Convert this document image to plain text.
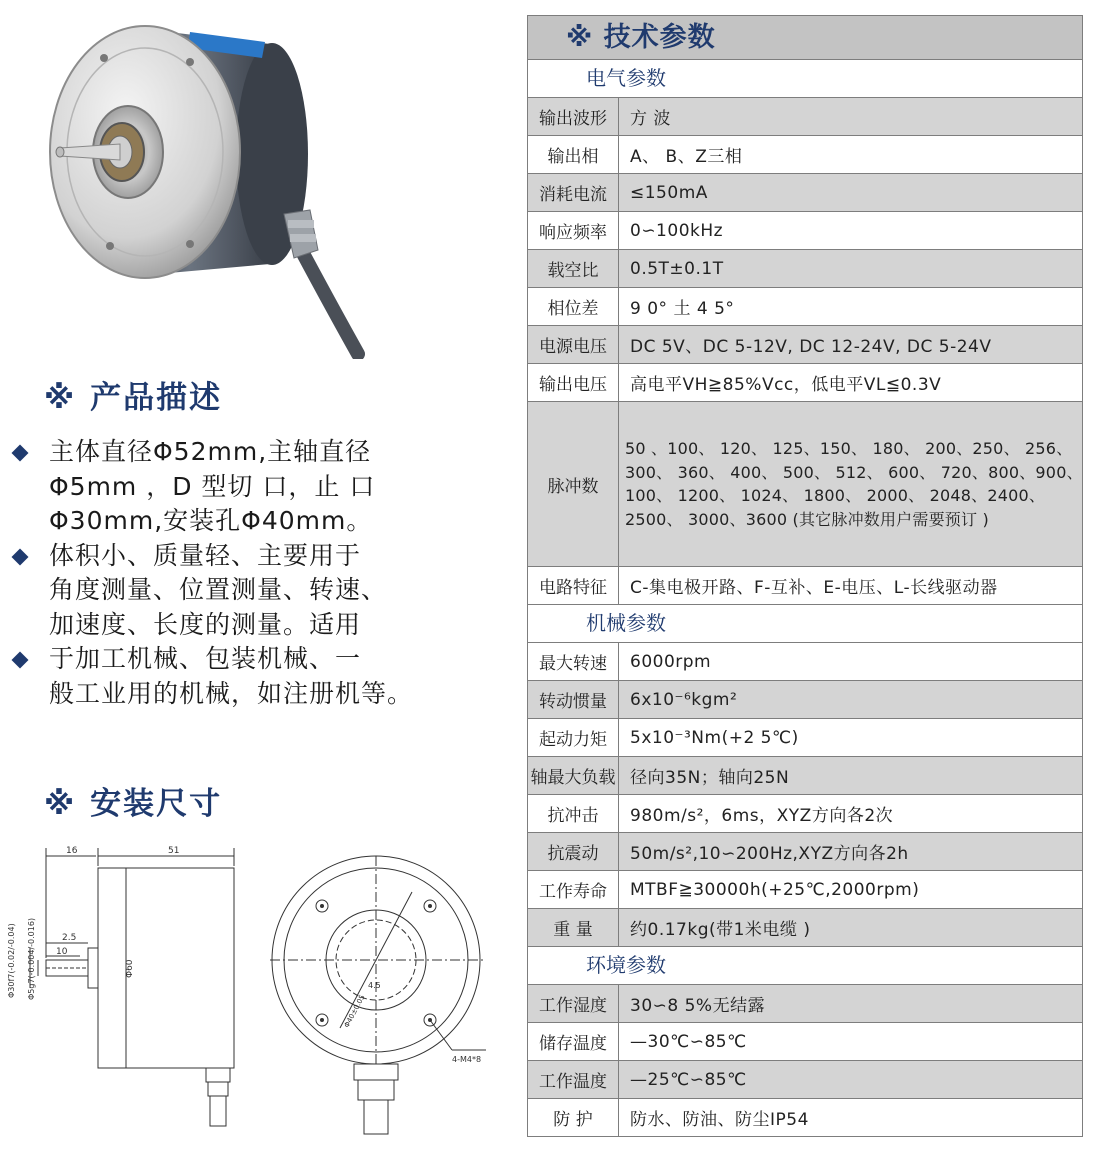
※ 产品描述
主体直径Φ52mm,主轴直径
Φ5mm ，D 型切 口，止 口
Φ30mm,安装孔Φ40mm。
体积小、质量轻、主要用于
角度测量、位置测量、转速、
加速度、长度的测量。适用
于加工机械、包装机械、一
般工业用的机械，如注册机等。
※ 安装尺寸
16	51
2.5
10
Φ60
Φ30f7(-0.02/-0.04) Φ5g7(-0.004/-0.016)	4.5
Φ40±0.05
4-M4*8
※ 技术参数
电气参数
输出波形	方 波
输出相	A、 B、Z三相
消耗电流	≤150mA
响应频率	0∽100kHz
载空比	0.5T±0.1T
相位差	9 0° 土 4 5°
电源电压	DC 5V、DC 5-12V, DC 12-24V, DC 5-24V
输出电压	高电平VH≧85%Vcc，低电平VL≦0.3V
脉冲数
50 、100、 120、 125、150、 180、 200、250、 256、
300、 360、 400、 500、 512、 600、 720、800、900、
100、 1200、 1024、 1800、 2000、 2048、2400、
2500、 3000、3600 (其它脉冲数用户需要预订 )
电路特征	C-集电极开路、F-互补、E-电压、L-长线驱动器
机械参数
最大转速	6000rpm
转动惯量	6x10⁻⁶kgm²
起动力矩	5x10⁻³Nm(+2 5℃)
轴最大负载 径向35N；轴向25N
抗冲击	980m/s²，6ms，XYZ方向各2次
抗震动	50m/s²,10∽200Hz,XYZ方向各2h
工作寿命	MTBF≧30000h(+25℃,2000rpm)
重 量	约0.17kg(带1米电缆 )
环境参数
工作湿度	30∽8 5%无结露
储存温度	—30℃∽85℃
工作温度	—25℃∽85℃
防 护	防水、防油、防尘IP54
